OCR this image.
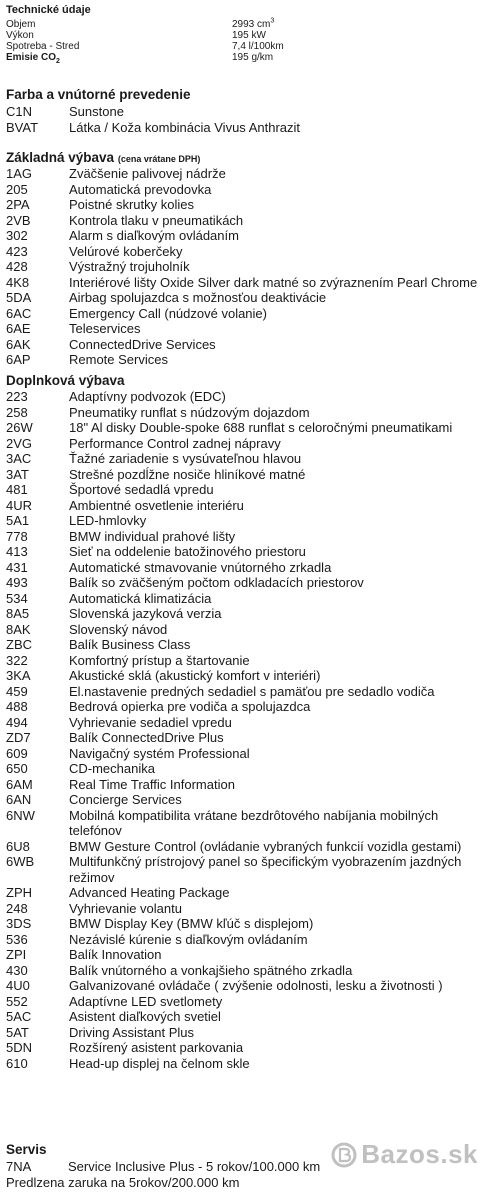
Technické údaje
Objem	2993 $cm^3$
Výkon	195 kW
Spotreba - Stred	7,4 l/100km
Emisie $CO_2$	195 g/km
Farba a vnútorné prevedenie
C1N	Sunstone
BVAT	Látka / Koža kombinácia Vivus Anthrazit
Základná výbava (cena vrátane DPH)
1AG	Zväčšenie palivovej nádrže
205	Automatická prevodovka
2PA	Poistné skrutky kolies
2VB	Kontrola tlaku v pneumatikách
302	Alarm s diaľkovým ovládaním
423	Velúrové koberčeky
428	Výstražný trojuholník
4K8	Interiérové lišty Oxide Silver dark matné so zvýraznením Pearl Chrome
5DA	Airbag spolujazdca s možnosťou deaktivácie
6AC	Emergency Call (núdzové volanie)
6AE	Teleservices
6AK	ConnectedDrive Services
6AP	Remote Services
Doplnková výbava
223	Adaptívny podvozok (EDC)
258	Pneumatiky runflat s núdzovým dojazdom
26W	18" Al disky Double-spoke 688 runflat s celoročnými pneumatikami
2VG	Performance Control zadnej nápravy
3AC	Ťažné zariadenie s vysúvateľnou hlavou
3AT	Strešné pozdĺžne nosiče hliníkové matné
481	Športové sedadlá vpredu
4UR	Ambientné osvetlenie interiéru
5A1	LED-hmlovky
778	BMW individual prahové lišty
413	Sieť na oddelenie batožinového priestoru
431	Automatické stmavovanie vnútorného zrkadla
493	Balík so zväčšeným počtom odkladacích priestorov
534	Automatická klimatizácia
8A5	Slovenská jazyková verzia
8AK	Slovenský návod
ZBC	Balík Business Class
322	Komfortný prístup a štartovanie
3KA	Akustické sklá (akustický komfort v interiéri)
459	El.nastavenie predných sedadiel s pamäťou pre sedadlo vodiča
488	Bedrová opierka pre vodiča a spolujazdca
494	Vyhrievanie sedadiel vpredu
ZD7	Balík ConnectedDrive Plus
609	Navigačný systém Professional
650	CD-mechanika
6AM	Real Time Traffic Information
6AN	Concierge Services
6NW	Mobilná kompatibilita vrátane bezdrôtového nabíjania mobilných telefónov
6U8	BMW Gesture Control (ovládanie vybraných funkcií vozidla gestami)
6WB	Multifunkčný prístrojový panel so špecifickým vyobrazením jazdných režimov
ZPH	Advanced Heating Package
248	Vyhrievanie volantu
3DS	BMW Display Key (BMW kľúč s displejom)
536	Nezávislé kúrenie s diaľkovým ovládaním
ZPI	Balík Innovation
430	Balík vnútorného a vonkajšieho spätného zrkadla
4U0	Galvanizované ovládače ( zvýšenie odolnosti, lesku a životnosti )
552	Adaptívne LED svetlomety
5AC	Asistent diaľkových svetiel
5AT	Driving Assistant Plus
5DN	Rozšírený asistent parkovania
610	Head-up displej na čelnom skle
Servis
7NA	Service Inclusive Plus - 5 rokov/100.000 km
Predlzena zaruka na 5rokov/200.000 km
Bazos.sk
